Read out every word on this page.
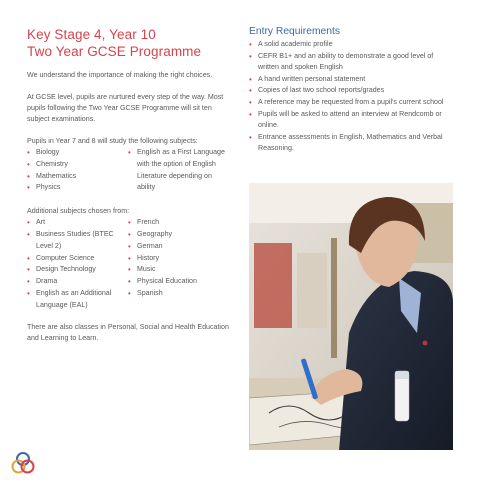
Key Stage 4, Year 10
Two Year GCSE Programme

We understand the importance of making the right choices.

At GCSE level, pupils are nurtured every step of the way. Most pupils following the Two Year GCSE Programme will sit ten subject examinations.

Pupils in Year 7 and 8 will study the following subjects:

• Biology
• Chemistry
• Mathematics
• Physics
• English as a First Language with the option of English Literature depending on ability

Additional subjects chosen from:

• Art
• Business Studies (BTEC Level 2)
• Computer Science
• Design Technology
• Drama
• English as an Additional Language (EAL)
• French
• Geography
• German
• History
• Music
• Physical Education
• Spanish

There are also classes in Personal, Social and Health Education and Learning to Learn.

Entry Requirements
• A solid academic profile
• CEFR B1+ and an ability to demonstrate a good level of written and spoken English
• A hand written personal statement
• Copies of last two school reports/grades
• A reference may be requested from a pupil's current school
• Pupils will be asked to attend an interview at Rendcomb or online.
• Entrance assessments in English, Mathematics and Verbal Reasoning.
